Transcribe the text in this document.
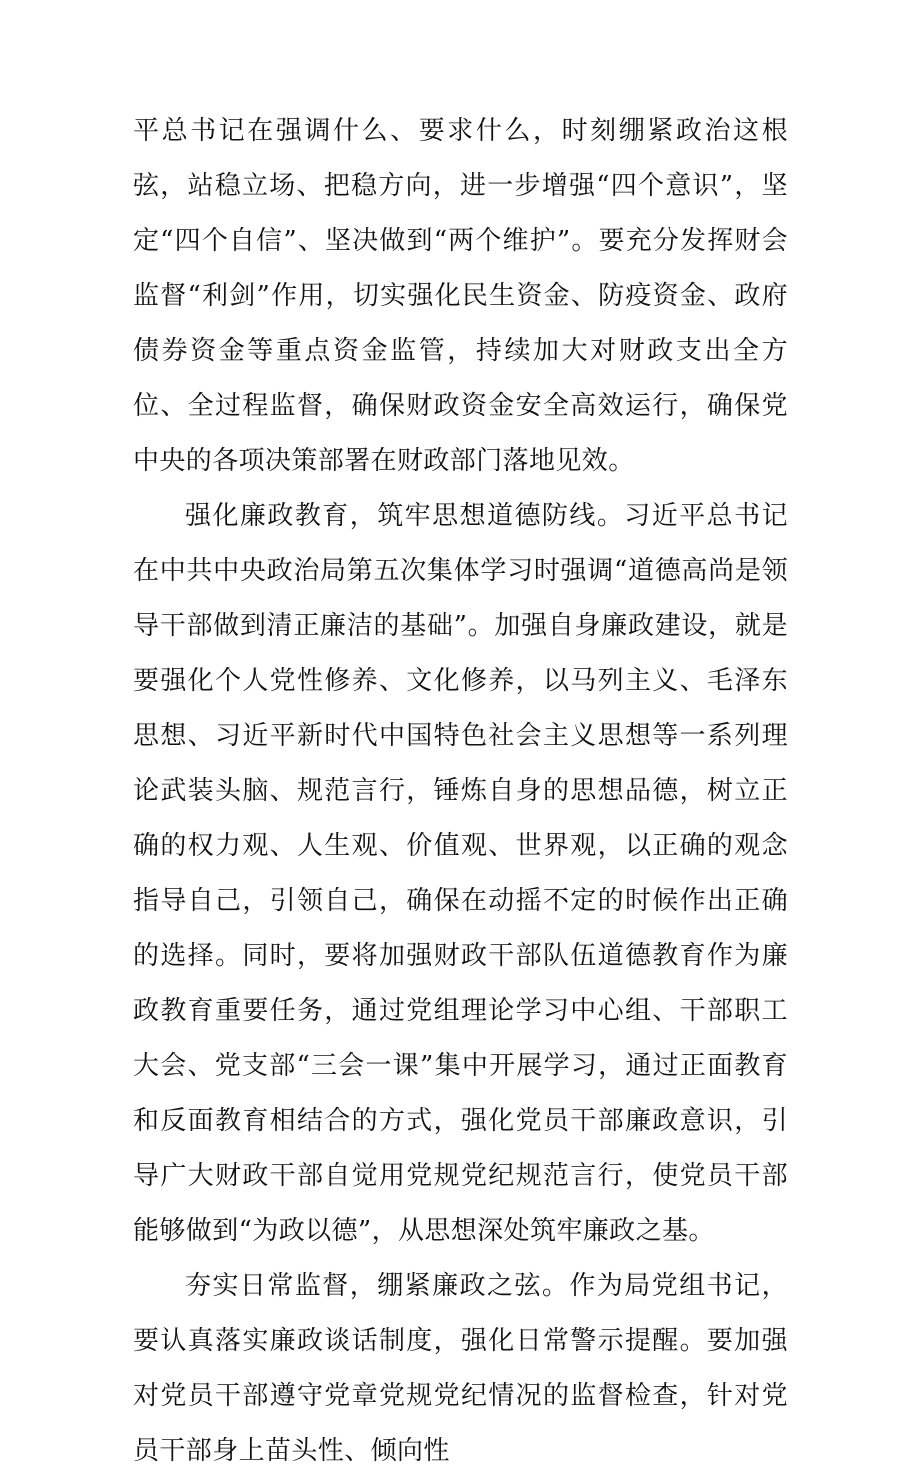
平总书记在强调什么、要求什么，时刻绷紧政治这根弦，站稳立场、把稳方向，进一步增强“四个意识”，坚定“四个自信”、坚决做到“两个维护”。要充分发挥财会监督“利剑”作用，切实强化民生资金、防疫资金、政府债券资金等重点资金监管，持续加大对财政支出全方位、全过程监督，确保财政资金安全高效运行，确保党中央的各项决策部署在财政部门落地见效。

强化廉政教育，筑牢思想道德防线。习近平总书记在中共中央政治局第五次集体学习时强调“道德高尚是领导干部做到清正廉洁的基础”。加强自身廉政建设，就是要强化个人党性修养、文化修养，以马列主义、毛泽东思想、习近平新时代中国特色社会主义思想等一系列理论武装头脑、规范言行，锤炼自身的思想品德，树立正确的权力观、人生观、价值观、世界观，以正确的观念指导自己，引领自己，确保在动摇不定的时候作出正确的选择。同时，要将加强财政干部队伍道德教育作为廉政教育重要任务，通过党组理论学习中心组、干部职工大会、党支部“三会一课”集中开展学习，通过正面教育和反面教育相结合的方式，强化党员干部廉政意识，引导广大财政干部自觉用党规党纪规范言行，使党员干部能够做到“为政以德”，从思想深处筑牢廉政之基。

夯实日常监督，绷紧廉政之弦。作为局党组书记，要认真落实廉政谈话制度，强化日常警示提醒。要加强对党员干部遵守党章党规党纪情况的监督检查，针对党员干部身上苗头性、倾向性
